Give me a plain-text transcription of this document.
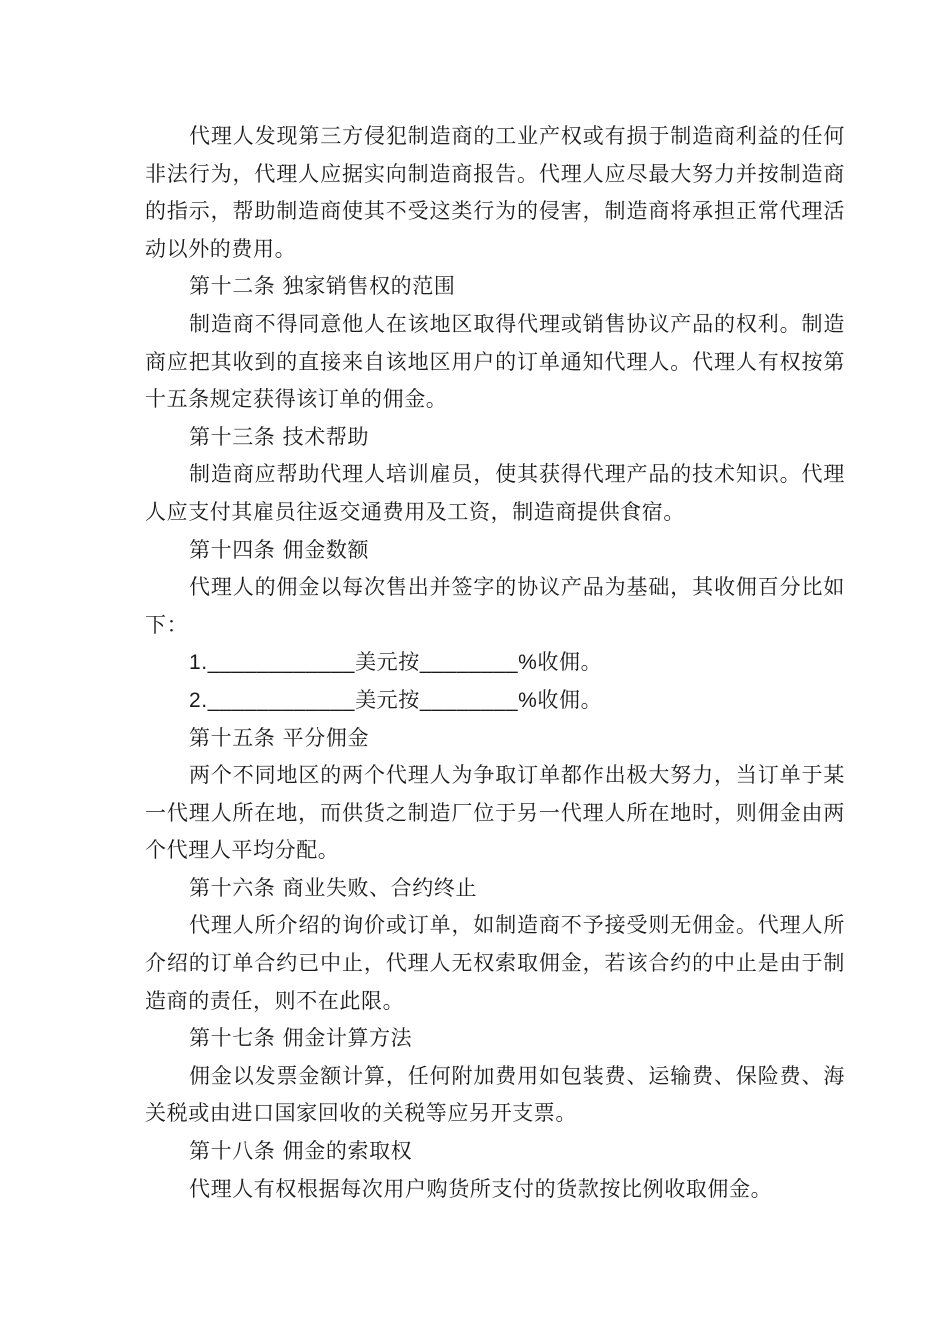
代理人发现第三方侵犯制造商的工业产权或有损于制造商利益的任何非法行为，代理人应据实向制造商报告。代理人应尽最大努力并按制造商的指示，帮助制造商使其不受这类行为的侵害，制造商将承担正常代理活动以外的费用。

第十二条 独家销售权的范围

制造商不得同意他人在该地区取得代理或销售协议产品的权利。制造商应把其收到的直接来自该地区用户的订单通知代理人。代理人有权按第十五条规定获得该订单的佣金。

第十三条 技术帮助

制造商应帮助代理人培训雇员，使其获得代理产品的技术知识。代理人应支付其雇员往返交通费用及工资，制造商提供食宿。

第十四条 佣金数额

代理人的佣金以每次售出并签字的协议产品为基础，其收佣百分比如下：

1.____________美元按________%收佣。

2.____________美元按________%收佣。

第十五条 平分佣金

两个不同地区的两个代理人为争取订单都作出极大努力，当订单于某一代理人所在地，而供货之制造厂位于另一代理人所在地时，则佣金由两个代理人平均分配。

第十六条 商业失败、合约终止

代理人所介绍的询价或订单，如制造商不予接受则无佣金。代理人所介绍的订单合约已中止，代理人无权索取佣金，若该合约的中止是由于制造商的责任，则不在此限。

第十七条 佣金计算方法

佣金以发票金额计算，任何附加费用如包装费、运输费、保险费、海关税或由进口国家回收的关税等应另开支票。

第十八条 佣金的索取权

代理人有权根据每次用户购货所支付的货款按比例收取佣金。
